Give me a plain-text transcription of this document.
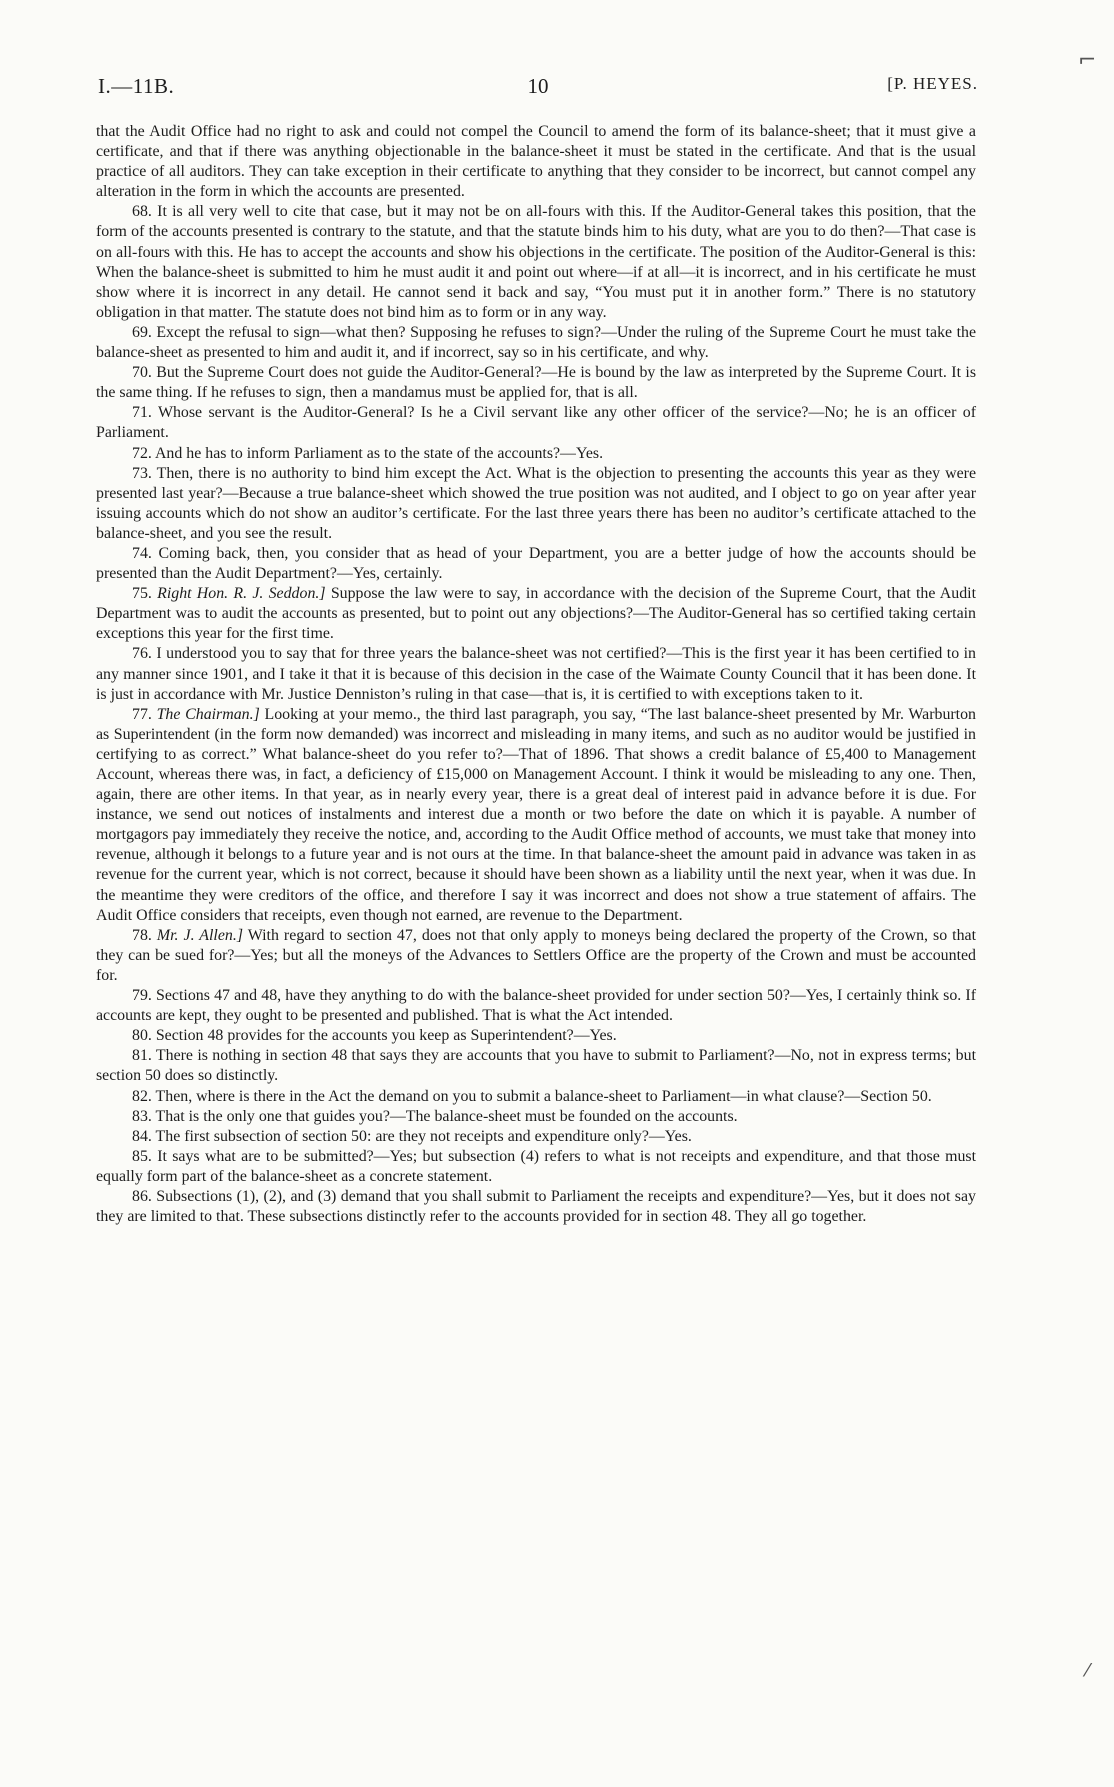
I.—11B.	10	[P. HEYES.
⌐
⁄

that the Audit Office had no right to ask and could not compel the Council to amend the form of its balance-sheet; that it must give a certificate, and that if there was anything objectionable in the balance-sheet it must be stated in the certificate. And that is the usual practice of all auditors. They can take exception in their certificate to anything that they consider to be incorrect, but cannot compel any alteration in the form in which the accounts are presented.

68. It is all very well to cite that case, but it may not be on all-fours with this. If the Auditor-General takes this position, that the form of the accounts presented is contrary to the statute, and that the statute binds him to his duty, what are you to do then?—That case is on all-fours with this. He has to accept the accounts and show his objections in the certificate. The position of the Auditor-General is this: When the balance-sheet is submitted to him he must audit it and point out where—if at all—it is incorrect, and in his certificate he must show where it is incorrect in any detail. He cannot send it back and say, “You must put it in another form.” There is no statutory obligation in that matter. The statute does not bind him as to form or in any way.

69. Except the refusal to sign—what then? Supposing he refuses to sign?—Under the ruling of the Supreme Court he must take the balance-sheet as presented to him and audit it, and if incorrect, say so in his certificate, and why.

70. But the Supreme Court does not guide the Auditor-General?—He is bound by the law as interpreted by the Supreme Court. It is the same thing. If he refuses to sign, then a mandamus must be applied for, that is all.

71. Whose servant is the Auditor-General? Is he a Civil servant like any other officer of the service?—No; he is an officer of Parliament.

72. And he has to inform Parliament as to the state of the accounts?—Yes.

73. Then, there is no authority to bind him except the Act. What is the objection to presenting the accounts this year as they were presented last year?—Because a true balance-sheet which showed the true position was not audited, and I object to go on year after year issuing accounts which do not show an auditor’s certificate. For the last three years there has been no auditor’s certificate attached to the balance-sheet, and you see the result.

74. Coming back, then, you consider that as head of your Department, you are a better judge of how the accounts should be presented than the Audit Department?—Yes, certainly.

75. Right Hon. R. J. Seddon.] Suppose the law were to say, in accordance with the decision of the Supreme Court, that the Audit Department was to audit the accounts as presented, but to point out any objections?—The Auditor-General has so certified taking certain exceptions this year for the first time.

76. I understood you to say that for three years the balance-sheet was not certified?—This is the first year it has been certified to in any manner since 1901, and I take it that it is because of this decision in the case of the Waimate County Council that it has been done. It is just in accordance with Mr. Justice Denniston’s ruling in that case—that is, it is certified to with exceptions taken to it.

77. The Chairman.] Looking at your memo., the third last paragraph, you say, “The last balance-sheet presented by Mr. Warburton as Superintendent (in the form now demanded) was incorrect and misleading in many items, and such as no auditor would be justified in certifying to as correct.” What balance-sheet do you refer to?—That of 1896. That shows a credit balance of £5,400 to Management Account, whereas there was, in fact, a deficiency of £15,000 on Management Account. I think it would be misleading to any one. Then, again, there are other items. In that year, as in nearly every year, there is a great deal of interest paid in advance before it is due. For instance, we send out notices of instalments and interest due a month or two before the date on which it is payable. A number of mortgagors pay immediately they receive the notice, and, according to the Audit Office method of accounts, we must take that money into revenue, although it belongs to a future year and is not ours at the time. In that balance-sheet the amount paid in advance was taken in as revenue for the current year, which is not correct, because it should have been shown as a liability until the next year, when it was due. In the meantime they were creditors of the office, and therefore I say it was incorrect and does not show a true statement of affairs. The Audit Office considers that receipts, even though not earned, are revenue to the Department.

78. Mr. J. Allen.] With regard to section 47, does not that only apply to moneys being declared the property of the Crown, so that they can be sued for?—Yes; but all the moneys of the Advances to Settlers Office are the property of the Crown and must be accounted for.

79. Sections 47 and 48, have they anything to do with the balance-sheet provided for under section 50?—Yes, I certainly think so. If accounts are kept, they ought to be presented and published. That is what the Act intended.

80. Section 48 provides for the accounts you keep as Superintendent?—Yes.

81. There is nothing in section 48 that says they are accounts that you have to submit to Parliament?—No, not in express terms; but section 50 does so distinctly.

82. Then, where is there in the Act the demand on you to submit a balance-sheet to Parliament—in what clause?—Section 50.

83. That is the only one that guides you?—The balance-sheet must be founded on the accounts.

84. The first subsection of section 50: are they not receipts and expenditure only?—Yes.

85. It says what are to be submitted?—Yes; but subsection (4) refers to what is not receipts and expenditure, and that those must equally form part of the balance-sheet as a concrete statement.

86. Subsections (1), (2), and (3) demand that you shall submit to Parliament the receipts and expenditure?—Yes, but it does not say they are limited to that. These subsections distinctly refer to the accounts provided for in section 48. They all go together.
